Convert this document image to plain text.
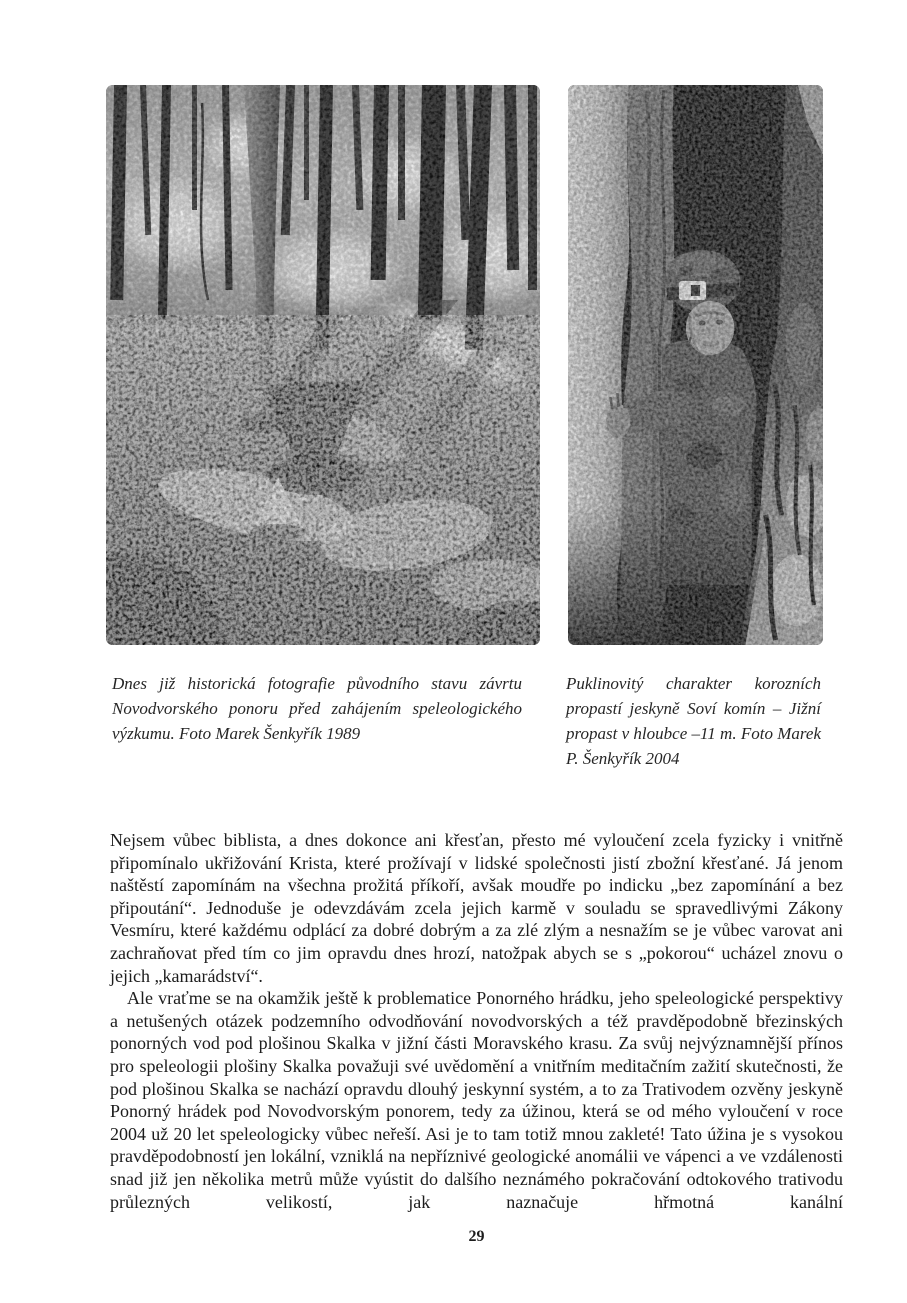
Dnes již historická fotografie původního stavu závrtu Novodvorského ponoru před zahájením speleologického výzkumu. Foto Marek Šenkyřík 1989
Puklinovitý charakter korozních propastí jeskyně Soví komín – Jižní propast v hloubce –11 m. Foto Marek P. Šenkyřík 2004

Nejsem vůbec biblista, a dnes dokonce ani křesťan, přesto mé vyloučení zcela fyzicky i vnitřně připomínalo ukřižování Krista, které prožívají v lidské společnosti jistí zbožní křesťané. Já jenom naštěstí zapomínám na všechna prožitá příkoří, avšak moudře po indicku „bez zapomínání a bez připoutání“. Jednoduše je odevzdávám zcela jejich karmě v souladu se spravedlivými Zákony Vesmíru, které každému odplácí za dobré dobrým a za zlé zlým a nesnažím se je vůbec varovat ani zachraňovat před tím co jim opravdu dnes hrozí, natožpak abych se s „pokorou“ ucházel znovu o jejich „kamarádství“.

Ale vraťme se na okamžik ještě k problematice Ponorného hrádku, jeho speleologické perspektivy a netušených otázek podzemního odvodňování novodvorských a též pravděpodobně březinských ponorných vod pod plošinou Skalka v jižní části Moravského krasu. Za svůj nejvýznamnější přínos pro speleologii plošiny Skalka považuji své uvědomění a vnitřním meditačním zažití skutečnosti, že pod plošinou Skalka se nachází opravdu dlouhý jeskynní systém, a to za Trativodem ozvěny jeskyně Ponorný hrádek pod Novodvorským ponorem, tedy za úžinou, která se od mého vyloučení v roce 2004 už 20 let speleologicky vůbec neřeší. Asi je to tam totiž mnou zakleté! Tato úžina je s vysokou pravděpodobností jen lokální, vzniklá na nepříznivé geologické anomálii ve vápenci a ve vzdálenosti snad již jen několika metrů může vyústit do dalšího neznámého pokračování odtokového trativodu průlezných velikostí, jak naznačuje hřmotná kanální

29
